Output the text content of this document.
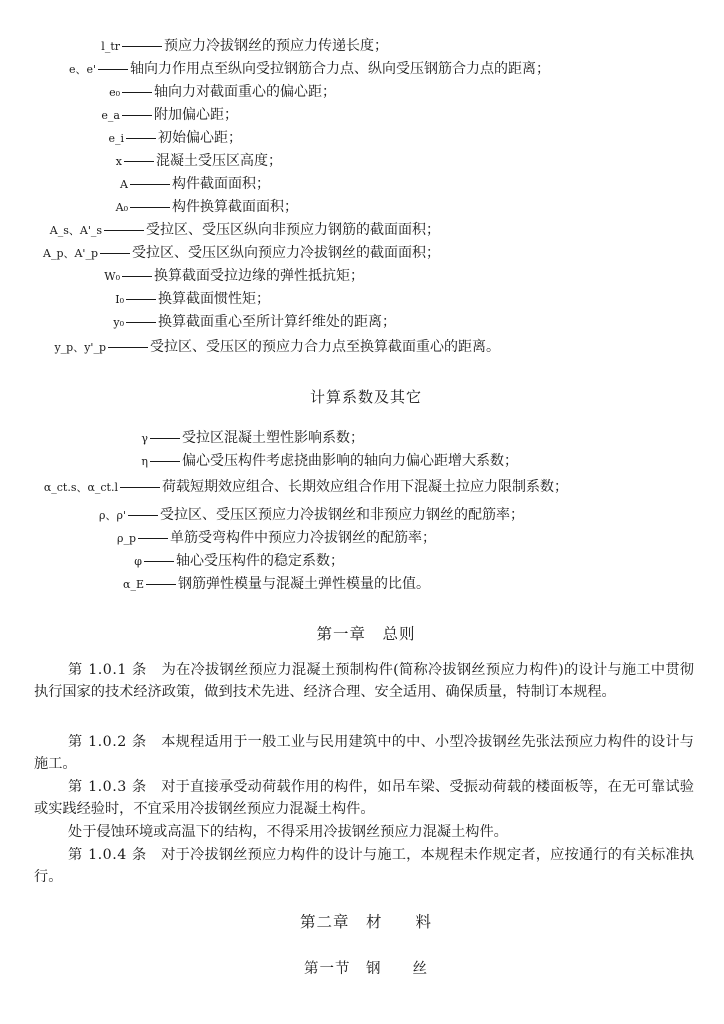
l_tr	预应力冷拔钢丝的预应力传递长度；
e、e' 轴向力作用点至纵向受拉钢筋合力点、纵向受压钢筋合力点的距离；
e₀ 轴向力对截面重心的偏心距；
e_a 附加偏心距；
e_i 初始偏心距；
x 混凝土受压区高度；
A	构件截面面积；
A₀	构件换算截面面积；
A_s、A'_s	受拉区、受压区纵向非预应力钢筋的截面面积；
A_p、A'_p 受拉区、受压区纵向预应力冷拔钢丝的截面面积；
W₀ 换算截面受拉边缘的弹性抵抗矩；
I₀ 换算截面惯性矩；
y₀ 换算截面重心至所计算纤维处的距离；
y_p、y'_p	受拉区、受压区的预应力合力点至换算截面重心的距离。
计算系数及其它
γ 受拉区混凝土塑性影响系数；
η 偏心受压构件考虑挠曲影响的轴向力偏心距增大系数；
α_ct.s、α_ct.l	荷载短期效应组合、长期效应组合作用下混凝土拉应力限制系数；
ρ、ρ' 受拉区、受压区预应力冷拔钢丝和非预应力钢丝的配筋率；
ρ_p 单筋受弯构件中预应力冷拔钢丝的配筋率；
φ 轴心受压构件的稳定系数；
α_E 钢筋弹性模量与混凝土弹性模量的比值。
第一章　总则
第 1.0.1 条　 为在冷拔钢丝预应力混凝土预制构件(简称冷拔钢丝预应力构件)的设计与施工中贯彻执行国家的技术经济政策，做到技术先进、经济合理、安全适用、确保质量，特制订本规程。
第 1.0.2 条　 本规程适用于一般工业与民用建筑中的中、小型冷拔钢丝先张法预应力构件的设计与施工。
第 1.0.3 条　 对于直接承受动荷载作用的构件，如吊车梁、受振动荷载的楼面板等，在无可靠试验或实践经验时，不宜采用冷拔钢丝预应力混凝土构件。
处于侵蚀环境或高温下的结构，不得采用冷拔钢丝预应力混凝土构件。
第 1.0.4 条　 对于冷拔钢丝预应力构件的设计与施工，本规程未作规定者，应按通行的有关标准执行。
第二章　材　　料
第一节　钢　　丝
